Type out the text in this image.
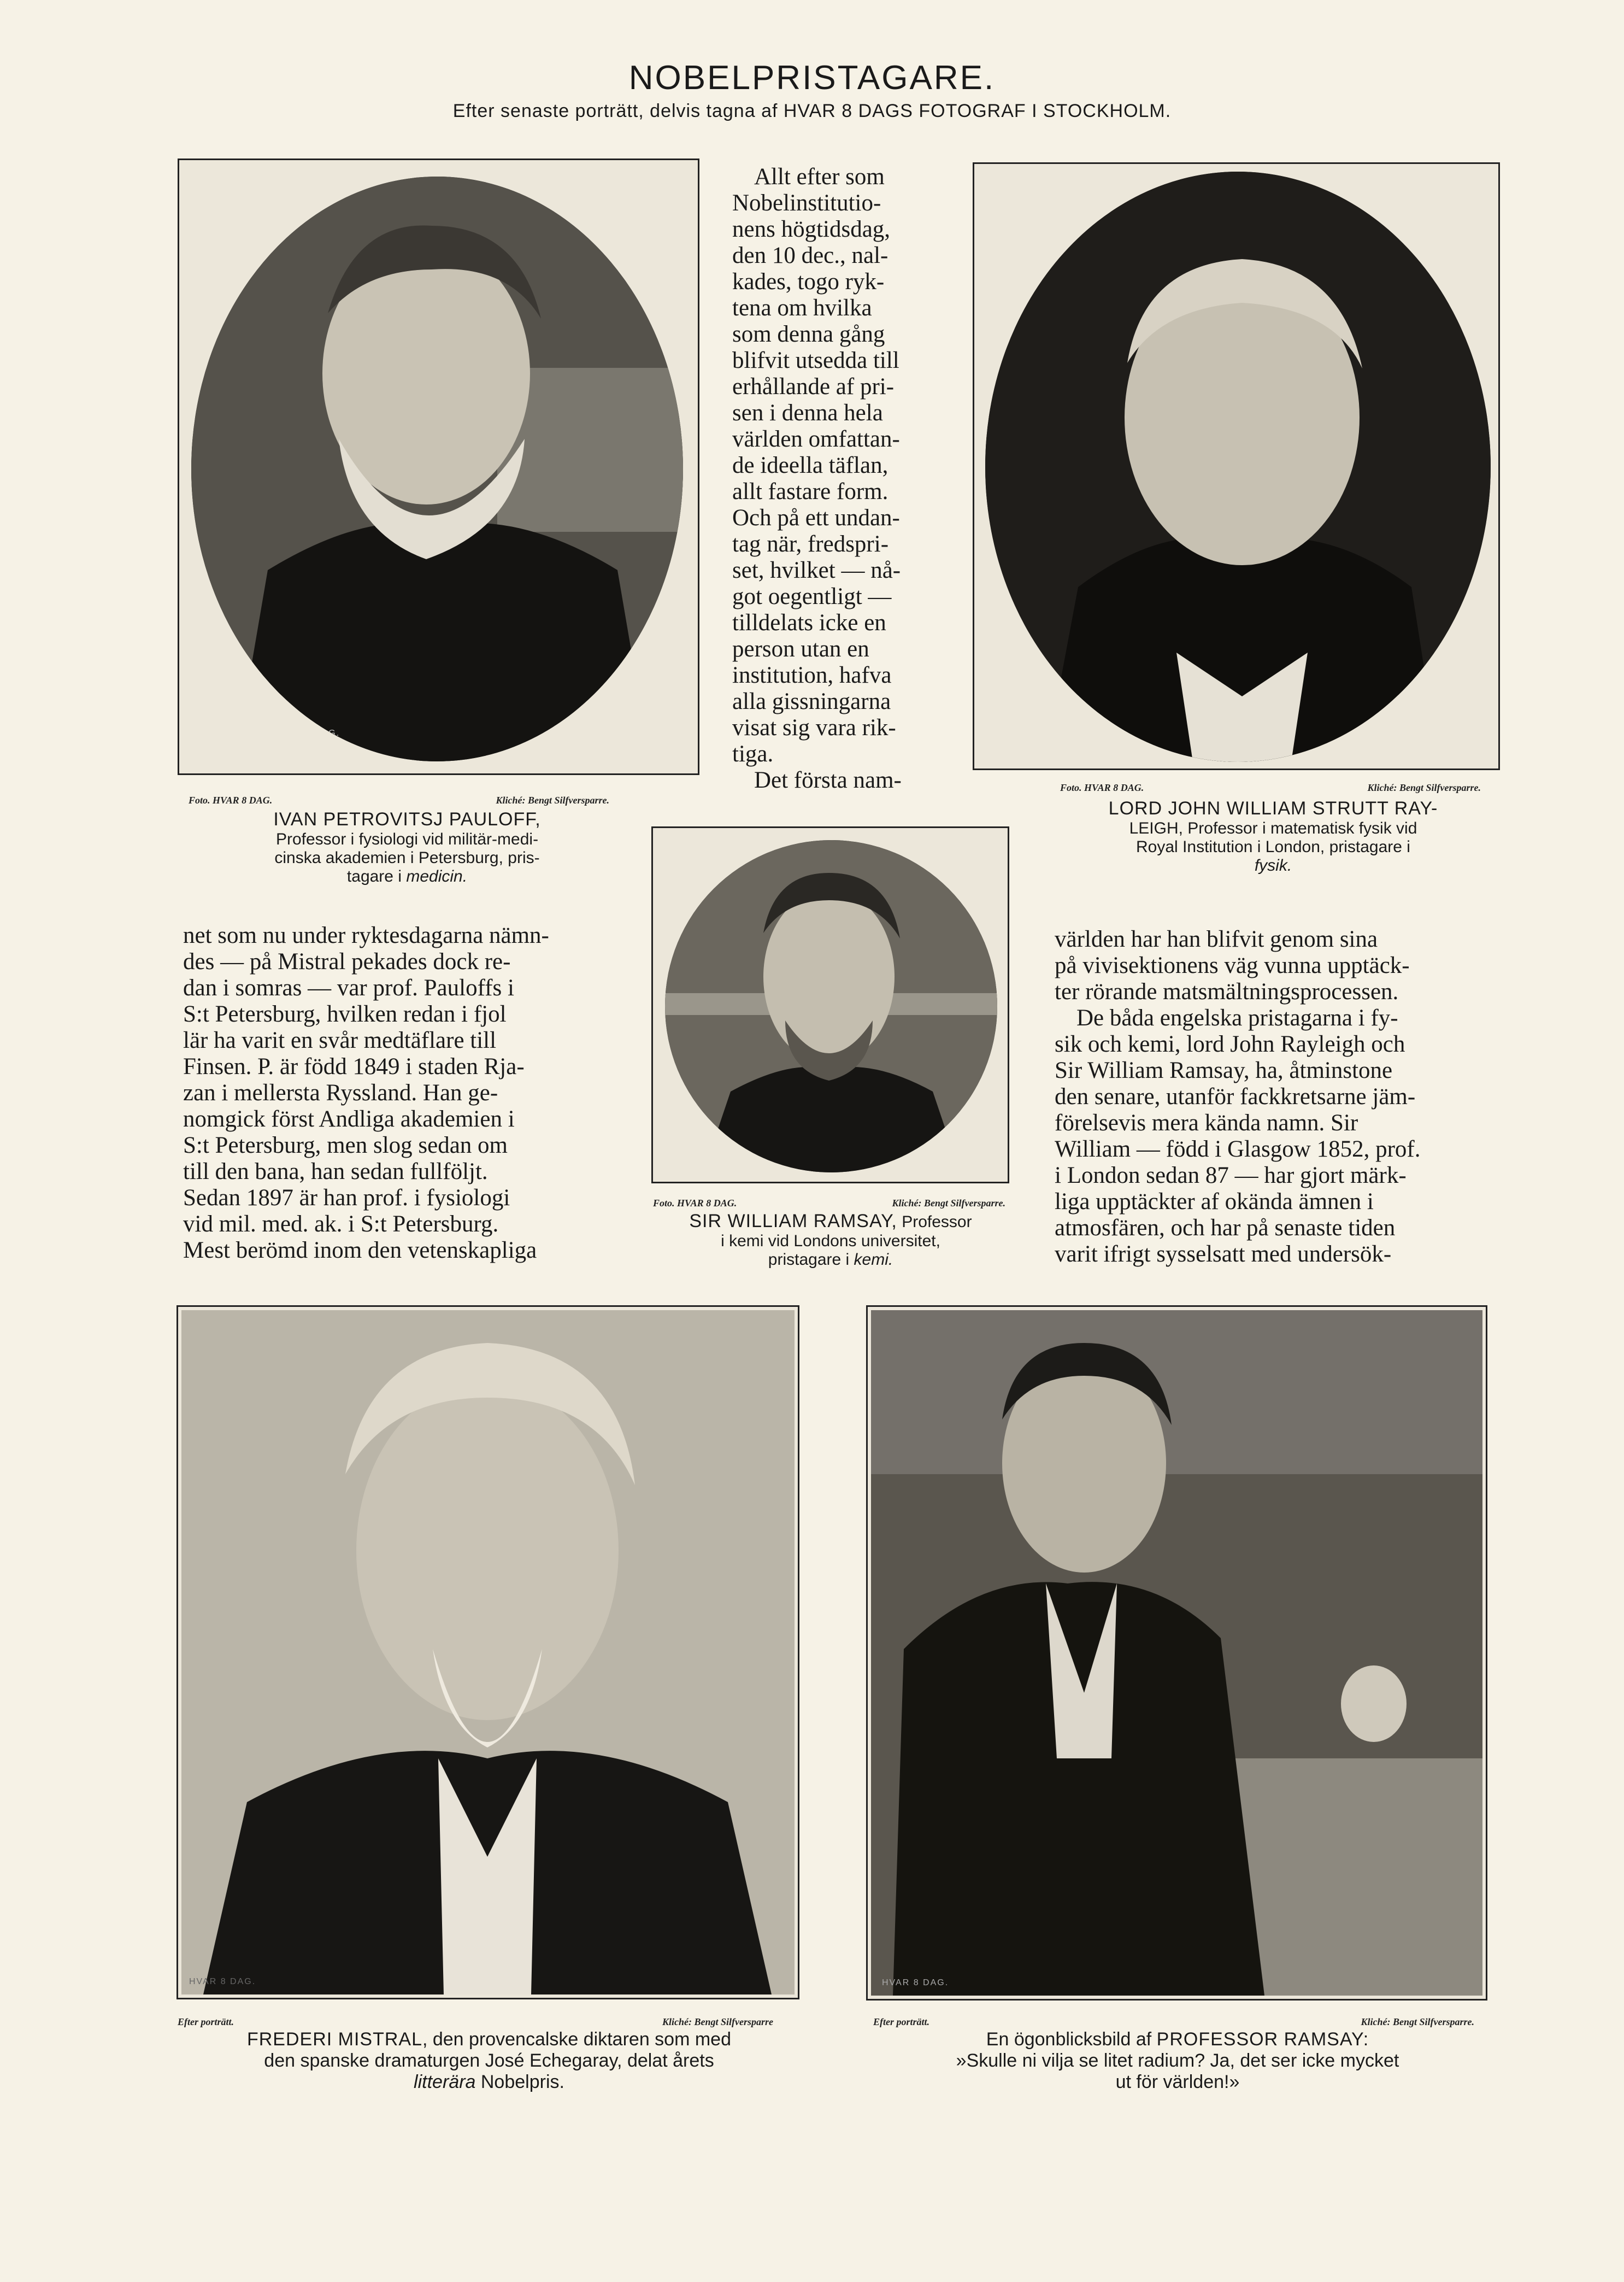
NOBELPRISTAGARE.
Efter senaste porträtt, delvis tagna af HVAR 8 DAGS FOTOGRAF I STOCKHOLM.
HVAR 8 DAG.
Foto. HVAR 8 DAG.	Kliché: Bengt Silfversparre.
IVAN PETROVITSJ PAULOFF,
Professor i fysiologi vid militär-medi-
cinska akademien i Petersburg, pris-
tagare i medicin.

Allt efter som

Nobelinstitutio-

nens högtidsdag,

den 10 dec., nal-

kades, togo ryk-

tena om hvilka

som denna gång

blifvit utsedda till

erhållande af pri-

sen i denna hela

världen omfattan-

de ideella täflan,

allt fastare form.

Och på ett undan-

tag när, fredspri-

set, hvilket — nå-

got oegentligt —

tilldelats icke en

person utan en

institution, hafva

alla gissningarna

visat sig vara rik-

tiga.

Det första nam-

HVAR 8 DAG.
Foto. HVAR 8 DAG.	Kliché: Bengt Silfversparre.
LORD JOHN WILLIAM STRUTT RAY-
LEIGH, Professor i matematisk fysik vid
Royal Institution i London, pristagare i
fysik.

net som nu under ryktesdagarna nämn-

des — på Mistral pekades dock re-

dan i somras — var prof. Pauloffs i

S:t Petersburg, hvilken redan i fjol

lär ha varit en svår medtäflare till

Finsen. P. är född 1849 i staden Rja-

zan i mellersta Ryssland. Han ge-

nomgick först Andliga akademien i

S:t Petersburg, men slog sedan om

till den bana, han sedan fullföljt.

Sedan 1897 är han prof. i fysiologi

vid mil. med. ak. i S:t Petersburg.

Mest berömd inom den vetenskapliga

HVAR 8 DAG.
Foto. HVAR 8 DAG.	Kliché: Bengt Silfversparre.
SIR WILLIAM RAMSAY, Professor
i kemi vid Londons universitet,
pristagare i kemi.

världen har han blifvit genom sina

på vivisektionens väg vunna upptäck-

ter rörande matsmältningsprocessen.

De båda engelska pristagarna i fy-

sik och kemi, lord John Rayleigh och

Sir William Ramsay, ha, åtminstone

den senare, utanför fackkretsarne jäm-

förelsevis mera kända namn. Sir

William — född i Glasgow 1852, prof.

i London sedan 87 — har gjort märk-

liga upptäckter af okända ämnen i

atmosfären, och har på senaste tiden

varit ifrigt sysselsatt med undersök-

HVAR 8 DAG.
Efter porträtt.	Kliché: Bengt Silfversparre
FREDERI MISTRAL, den provencalske diktaren som med
den spanske dramaturgen José Echegaray, delat årets
litterära Nobelpris.
HVAR 8 DAG.
Efter porträtt.	Kliché: Bengt Silfversparre.
En ögonblicksbild af PROFESSOR RAMSAY:
»Skulle ni vilja se litet radium? Ja, det ser icke mycket
ut för världen!»
